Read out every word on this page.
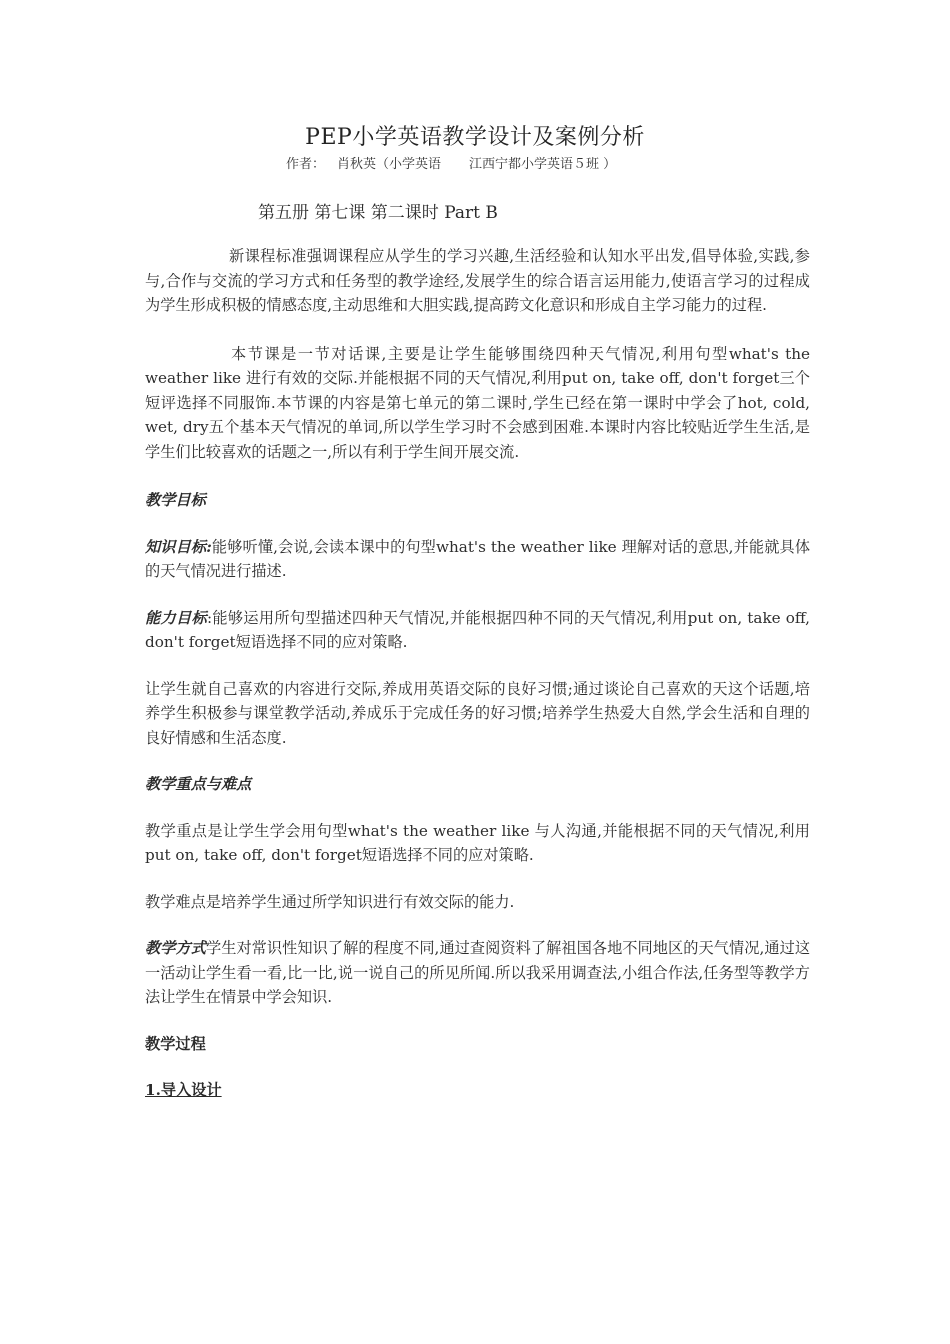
PEP小学英语教学设计及案例分析
作者： 肖秋英（小学英语 江西宁都小学英语５班 ）
第五册 第七课 第二课时 Part B

新课程标准强调课程应从学生的学习兴趣,生活经验和认知水平出发,倡导体验,实践,参与,合作与交流的学习方式和任务型的教学途经,发展学生的综合语言运用能力,使语言学习的过程成为学生形成积极的情感态度,主动思维和大胆实践,提高跨文化意识和形成自主学习能力的过程.

本节课是一节对话课,主要是让学生能够围绕四种天气情况,利用句型what's the weather like 进行有效的交际.并能根据不同的天气情况,利用put on, take off, don't forget三个短评选择不同服饰.本节课的内容是第七单元的第二课时,学生已经在第一课时中学会了hot, cold, wet, dry五个基本天气情况的单词,所以学生学习时不会感到困难.本课时内容比较贴近学生生活,是学生们比较喜欢的话题之一,所以有利于学生间开展交流.

教学目标

知识目标:能够听懂,会说,会读本课中的句型what's the weather like 理解对话的意思,并能就具体的天气情况进行描述.

能力目标:能够运用所句型描述四种天气情况,并能根据四种不同的天气情况,利用put on, take off, don't forget短语选择不同的应对策略.

让学生就自己喜欢的内容进行交际,养成用英语交际的良好习惯;通过谈论自己喜欢的天这个话题,培养学生积极参与课堂教学活动,养成乐于完成任务的好习惯;培养学生热爱大自然,学会生活和自理的良好情感和生活态度.

教学重点与难点

教学重点是让学生学会用句型what's the weather like 与人沟通,并能根据不同的天气情况,利用put on, take off, don't forget短语选择不同的应对策略.

教学难点是培养学生通过所学知识进行有效交际的能力.

教学方式学生对常识性知识了解的程度不同,通过查阅资料了解祖国各地不同地区的天气情况,通过这一活动让学生看一看,比一比,说一说自己的所见所闻.所以我采用调查法,小组合作法,任务型等教学方法让学生在情景中学会知识.

教学过程

1.导入设计
